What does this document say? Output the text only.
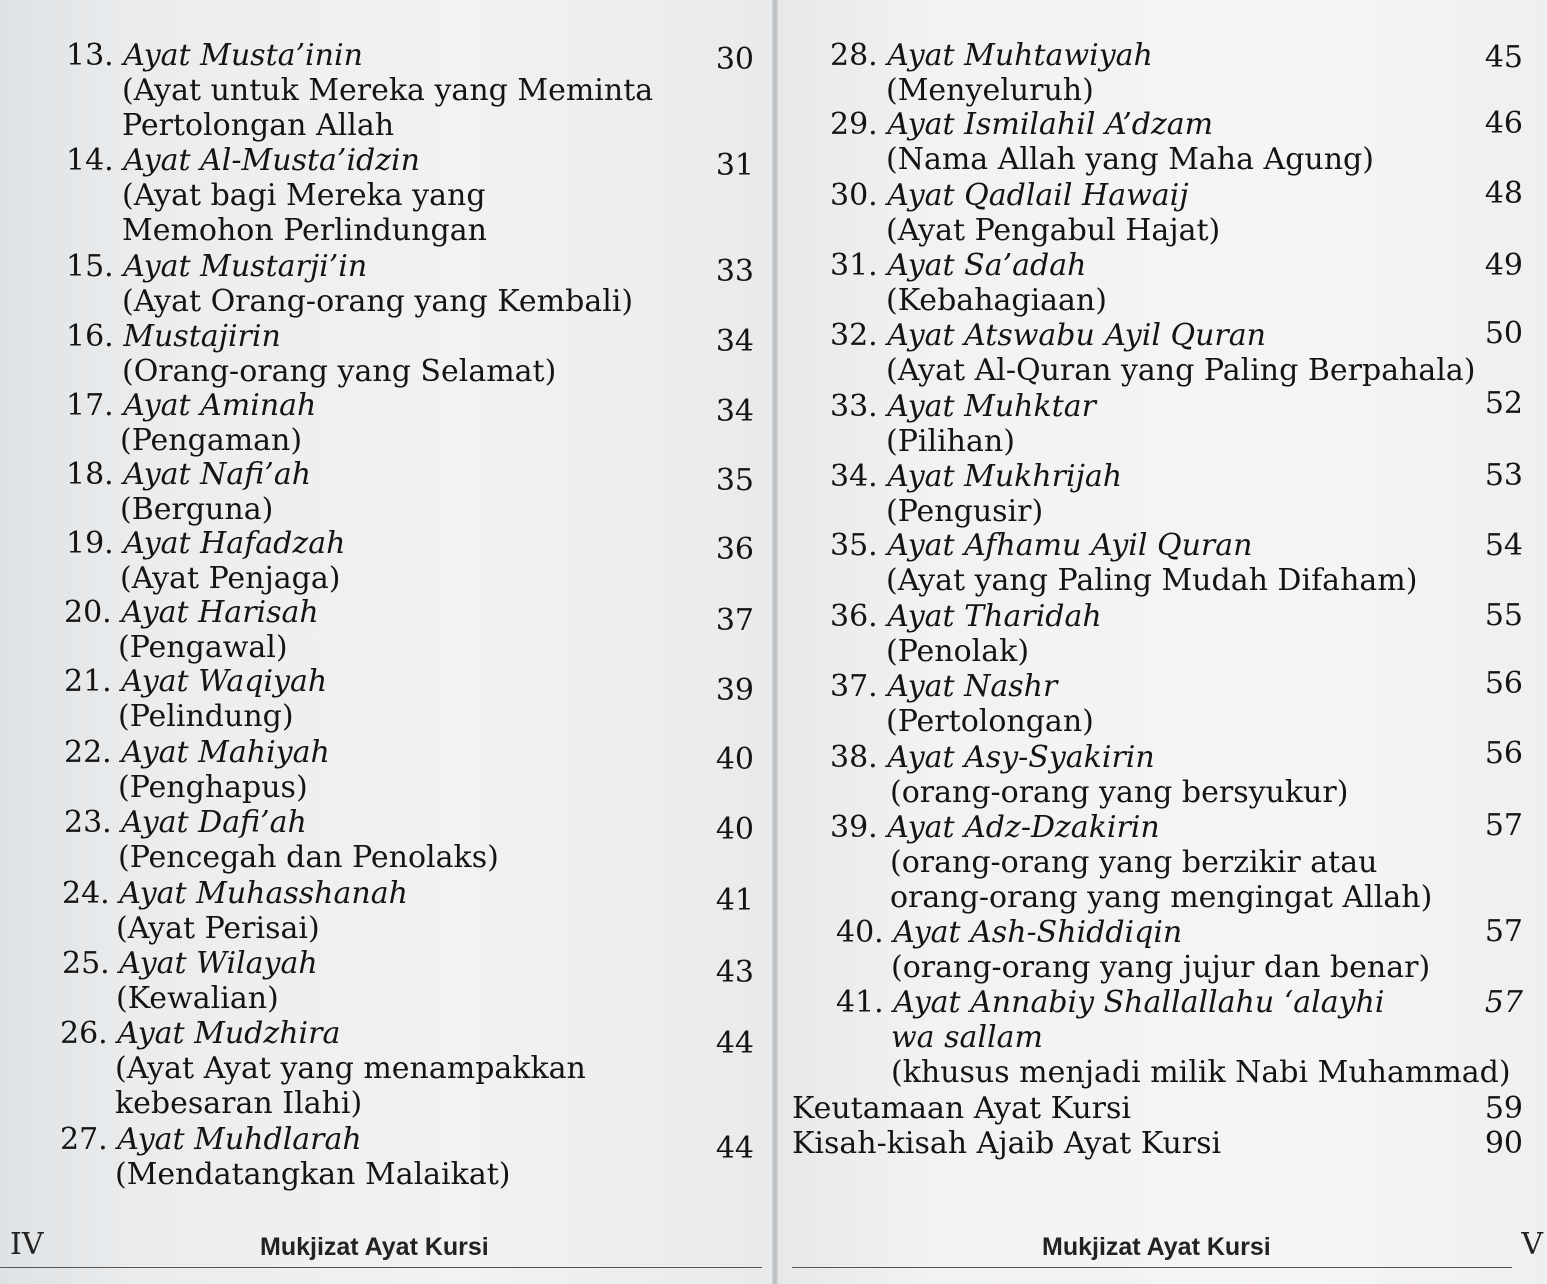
13. Ayat Musta’inin
(Ayat untuk Mereka yang Meminta
Pertolongan Allah
30
14. Ayat Al-Musta’idzin
(Ayat bagi Mereka yang
Memohon Perlindungan
31
15. Ayat Mustarji’in
(Ayat Orang-orang yang Kembali)
33
16. Mustajirin
(Orang-orang yang Selamat)
34
17. Ayat Aminah
(Pengaman)
34
18. Ayat Nafi’ah
(Berguna)
35
19. Ayat Hafadzah
(Ayat Penjaga)
36
20. Ayat Harisah
(Pengawal)
37
21. Ayat Waqiyah
(Pelindung)
39
22. Ayat Mahiyah
(Penghapus)
40
23. Ayat Dafi’ah
(Pencegah dan Penolaks)
40
24. Ayat Muhasshanah
(Ayat Perisai)
41
25. Ayat Wilayah
(Kewalian)
43
26. Ayat Mudzhira
(Ayat Ayat yang menampakkan
kebesaran Ilahi)
44
27. Ayat Muhdlarah
(Mendatangkan Malaikat)
44
IV	Mukjizat Ayat Kursi
28. Ayat Muhtawiyah
(Menyeluruh)
45
29. Ayat Ismilahil A’dzam
(Nama Allah yang Maha Agung)
46
30. Ayat Qadlail Hawaij
(Ayat Pengabul Hajat)
48
31. Ayat Sa’adah
(Kebahagiaan)
49
32. Ayat Atswabu Ayil Quran
(Ayat Al-Quran yang Paling Berpahala)
50
33. Ayat Muhktar
(Pilihan)
52
34. Ayat Mukhrijah
(Pengusir)
53
35. Ayat Afhamu Ayil Quran
(Ayat yang Paling Mudah Difaham)
54
36. Ayat Tharidah
(Penolak)
55
37. Ayat Nashr
(Pertolongan)
56
38. Ayat Asy-Syakirin
(orang-orang yang bersyukur)
56
39. Ayat Adz-Dzakirin
(orang-orang yang berzikir atau
orang-orang yang mengingat Allah)
57
40. Ayat Ash-Shiddiqin
(orang-orang yang jujur dan benar)
57
41. Ayat Annabiy Shallallahu ‘alayhi
wa sallam
(khusus menjadi milik Nabi Muhammad)
57
Keutamaan Ayat Kursi	59
Kisah-kisah Ajaib Ayat Kursi	90
Mukjizat Ayat Kursi	V
